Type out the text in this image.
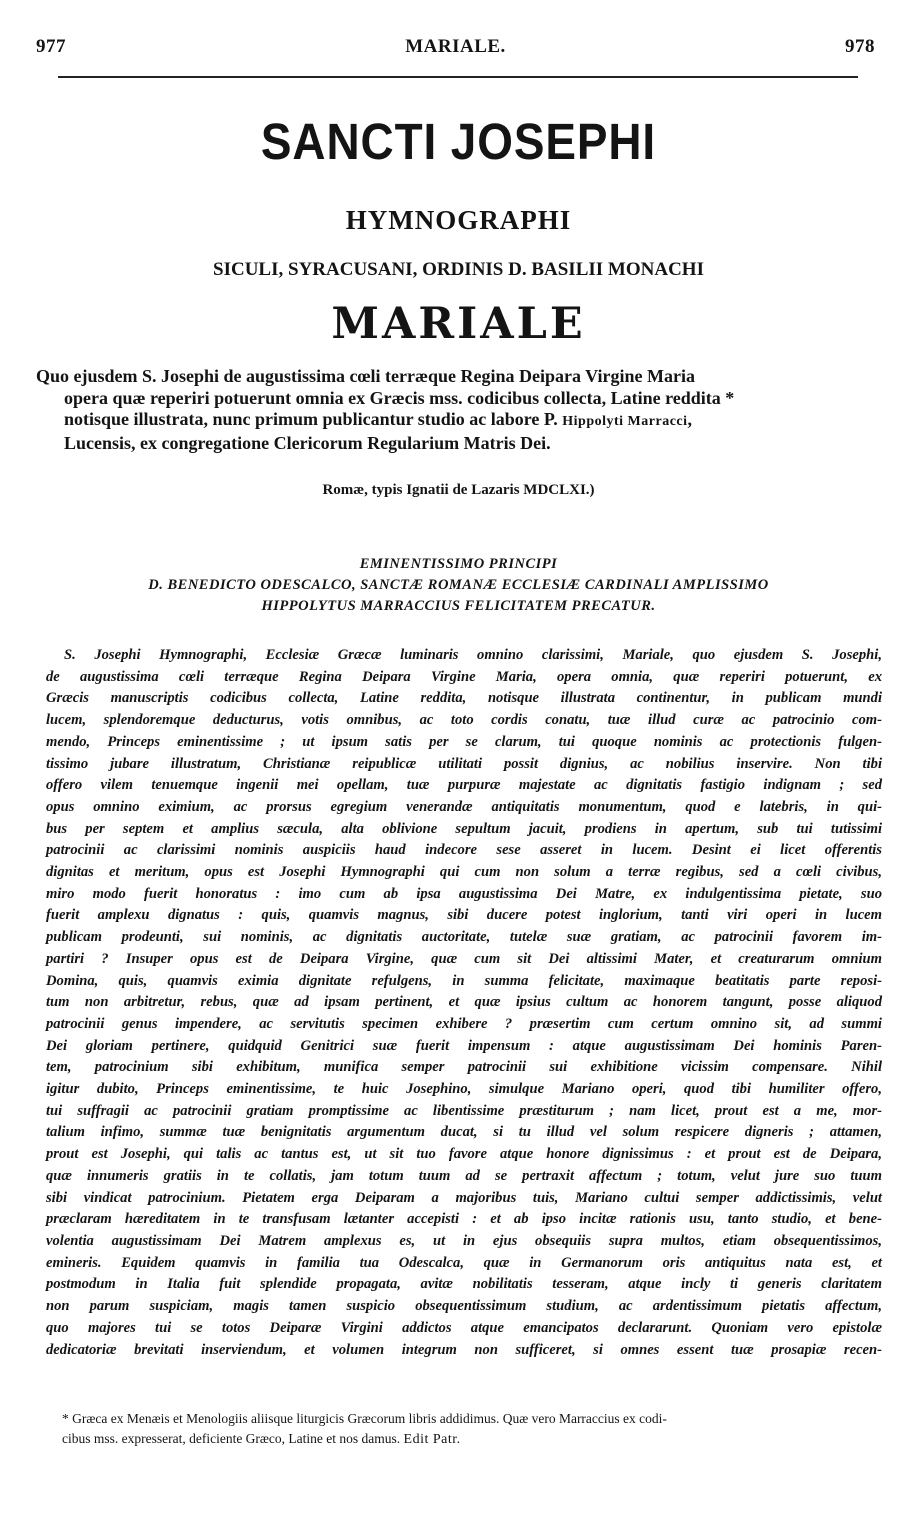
977	MARIALE.	978
SANCTI JOSEPHI
HYMNOGRAPHI
SICULI, SYRACUSANI, ORDINIS D. BASILII MONACHI
MARIALE
Quo ejusdem S. Josephi de augustissima cœli terræque Regina Deipara Virgine Maria
opera quæ reperiri potuerunt omnia ex Græcis mss. codicibus collecta, Latine reddita *
notisque illustrata, nunc primum publicantur studio ac labore P. Hippolyti Marracci,
Lucensis, ex congregatione Clericorum Regularium Matris Dei.
Romæ, typis Ignatii de Lazaris MDCLXI.)
EMINENTISSIMO PRINCIPI
D. BENEDICTO ODESCALCO, SANCTÆ ROMANÆ ECCLESIÆ CARDINALI AMPLISSIMO
HIPPOLYTUS MARRACCIUS FELICITATEM PRECATUR.
S. Josephi Hymnographi, Ecclesiæ Græcæ luminaris omnino clarissimi, Mariale, quo ejusdem S. Josephi,
de augustissima cœli terræque Regina Deipara Virgine Maria, opera omnia, quæ reperiri potuerunt, ex
Græcis manuscriptis codicibus collecta, Latine reddita, notisque illustrata continentur, in publicam mundi
lucem, splendoremque deducturus, votis omnibus, ac toto cordis conatu, tuæ illud curæ ac patrocinio com-
mendo, Princeps eminentissime ; ut ipsum satis per se clarum, tui quoque nominis ac protectionis fulgen-
tissimo jubare illustratum, Christianæ reipublicæ utilitati possit dignius, ac nobilius inservire. Non tibi
offero vilem tenuemque ingenii mei opellam, tuæ purpuræ majestate ac dignitatis fastigio indignam ; sed
opus omnino eximium, ac prorsus egregium venerandæ antiquitatis monumentum, quod e latebris, in qui-
bus per septem et amplius sæcula, alta oblivione sepultum jacuit, prodiens in apertum, sub tui tutissimi
patrocinii ac clarissimi nominis auspiciis haud indecore sese asseret in lucem. Desint ei licet offerentis
dignitas et meritum, opus est Josephi Hymnographi qui cum non solum a terræ regibus, sed a cœli civibus,
miro modo fuerit honoratus : imo cum ab ipsa augustissima Dei Matre, ex indulgentissima pietate, suo
fuerit amplexu dignatus : quis, quamvis magnus, sibi ducere potest inglorium, tanti viri operi in lucem
publicam prodeunti, sui nominis, ac dignitatis auctoritate, tutelæ suæ gratiam, ac patrocinii favorem im-
partiri ? Insuper opus est de Deipara Virgine, quæ cum sit Dei altissimi Mater, et creaturarum omnium
Domina, quis, quamvis eximia dignitate refulgens, in summa felicitate, maximaque beatitatis parte reposi-
tum non arbitretur, rebus, quæ ad ipsam pertinent, et quæ ipsius cultum ac honorem tangunt, posse aliquod
patrocinii genus impendere, ac servitutis specimen exhibere ? præsertim cum certum omnino sit, ad summi
Dei gloriam pertinere, quidquid Genitrici suæ fuerit impensum : atque augustissimam Dei hominis Paren-
tem, patrocinium sibi exhibitum, munifica semper patrocinii sui exhibitione vicissim compensare. Nihil
igitur dubito, Princeps eminentissime, te huic Josephino, simulque Mariano operi, quod tibi humiliter offero,
tui suffragii ac patrocinii gratiam promptissime ac libentissime præstiturum ; nam licet, prout est a me, mor-
talium infimo, summæ tuæ benignitatis argumentum ducat, si tu illud vel solum respicere digneris ; attamen,
prout est Josephi, qui talis ac tantus est, ut sit tuo favore atque honore dignissimus : et prout est de Deipara,
quæ innumeris gratiis in te collatis, jam totum tuum ad se pertraxit affectum ; totum, velut jure suo tuum
sibi vindicat patrocinium. Pietatem erga Deiparam a majoribus tuis, Mariano cultui semper addictissimis, velut
præclaram hæreditatem in te transfusam lætanter accepisti : et ab ipso incitæ rationis usu, tanto studio, et bene-
volentia augustissimam Dei Matrem amplexus es, ut in ejus obsequiis supra multos, etiam obsequentissimos,
emineris. Equidem quamvis in familia tua Odescalca, quæ in Germanorum oris antiquitus nata est, et
postmodum in Italia fuit splendide propagata, avitæ nobilitatis tesseram, atque incly ti generis claritatem
non parum suspiciam, magis tamen suspicio obsequentissimum studium, ac ardentissimum pietatis affectum,
quo majores tui se totos Deiparæ Virgini addictos atque emancipatos declararunt. Quoniam vero epistolæ
dedicatoriæ brevitati inserviendum, et volumen integrum non sufficeret, si omnes essent tuæ prosapiæ recen-
* Græca ex Menæis et Menologiis aliisque liturgicis Græcorum libris addidimus. Quæ vero Marraccius ex codi-
cibus mss. expresserat, deficiente Græco, Latine et nos damus. Edit Patr.
